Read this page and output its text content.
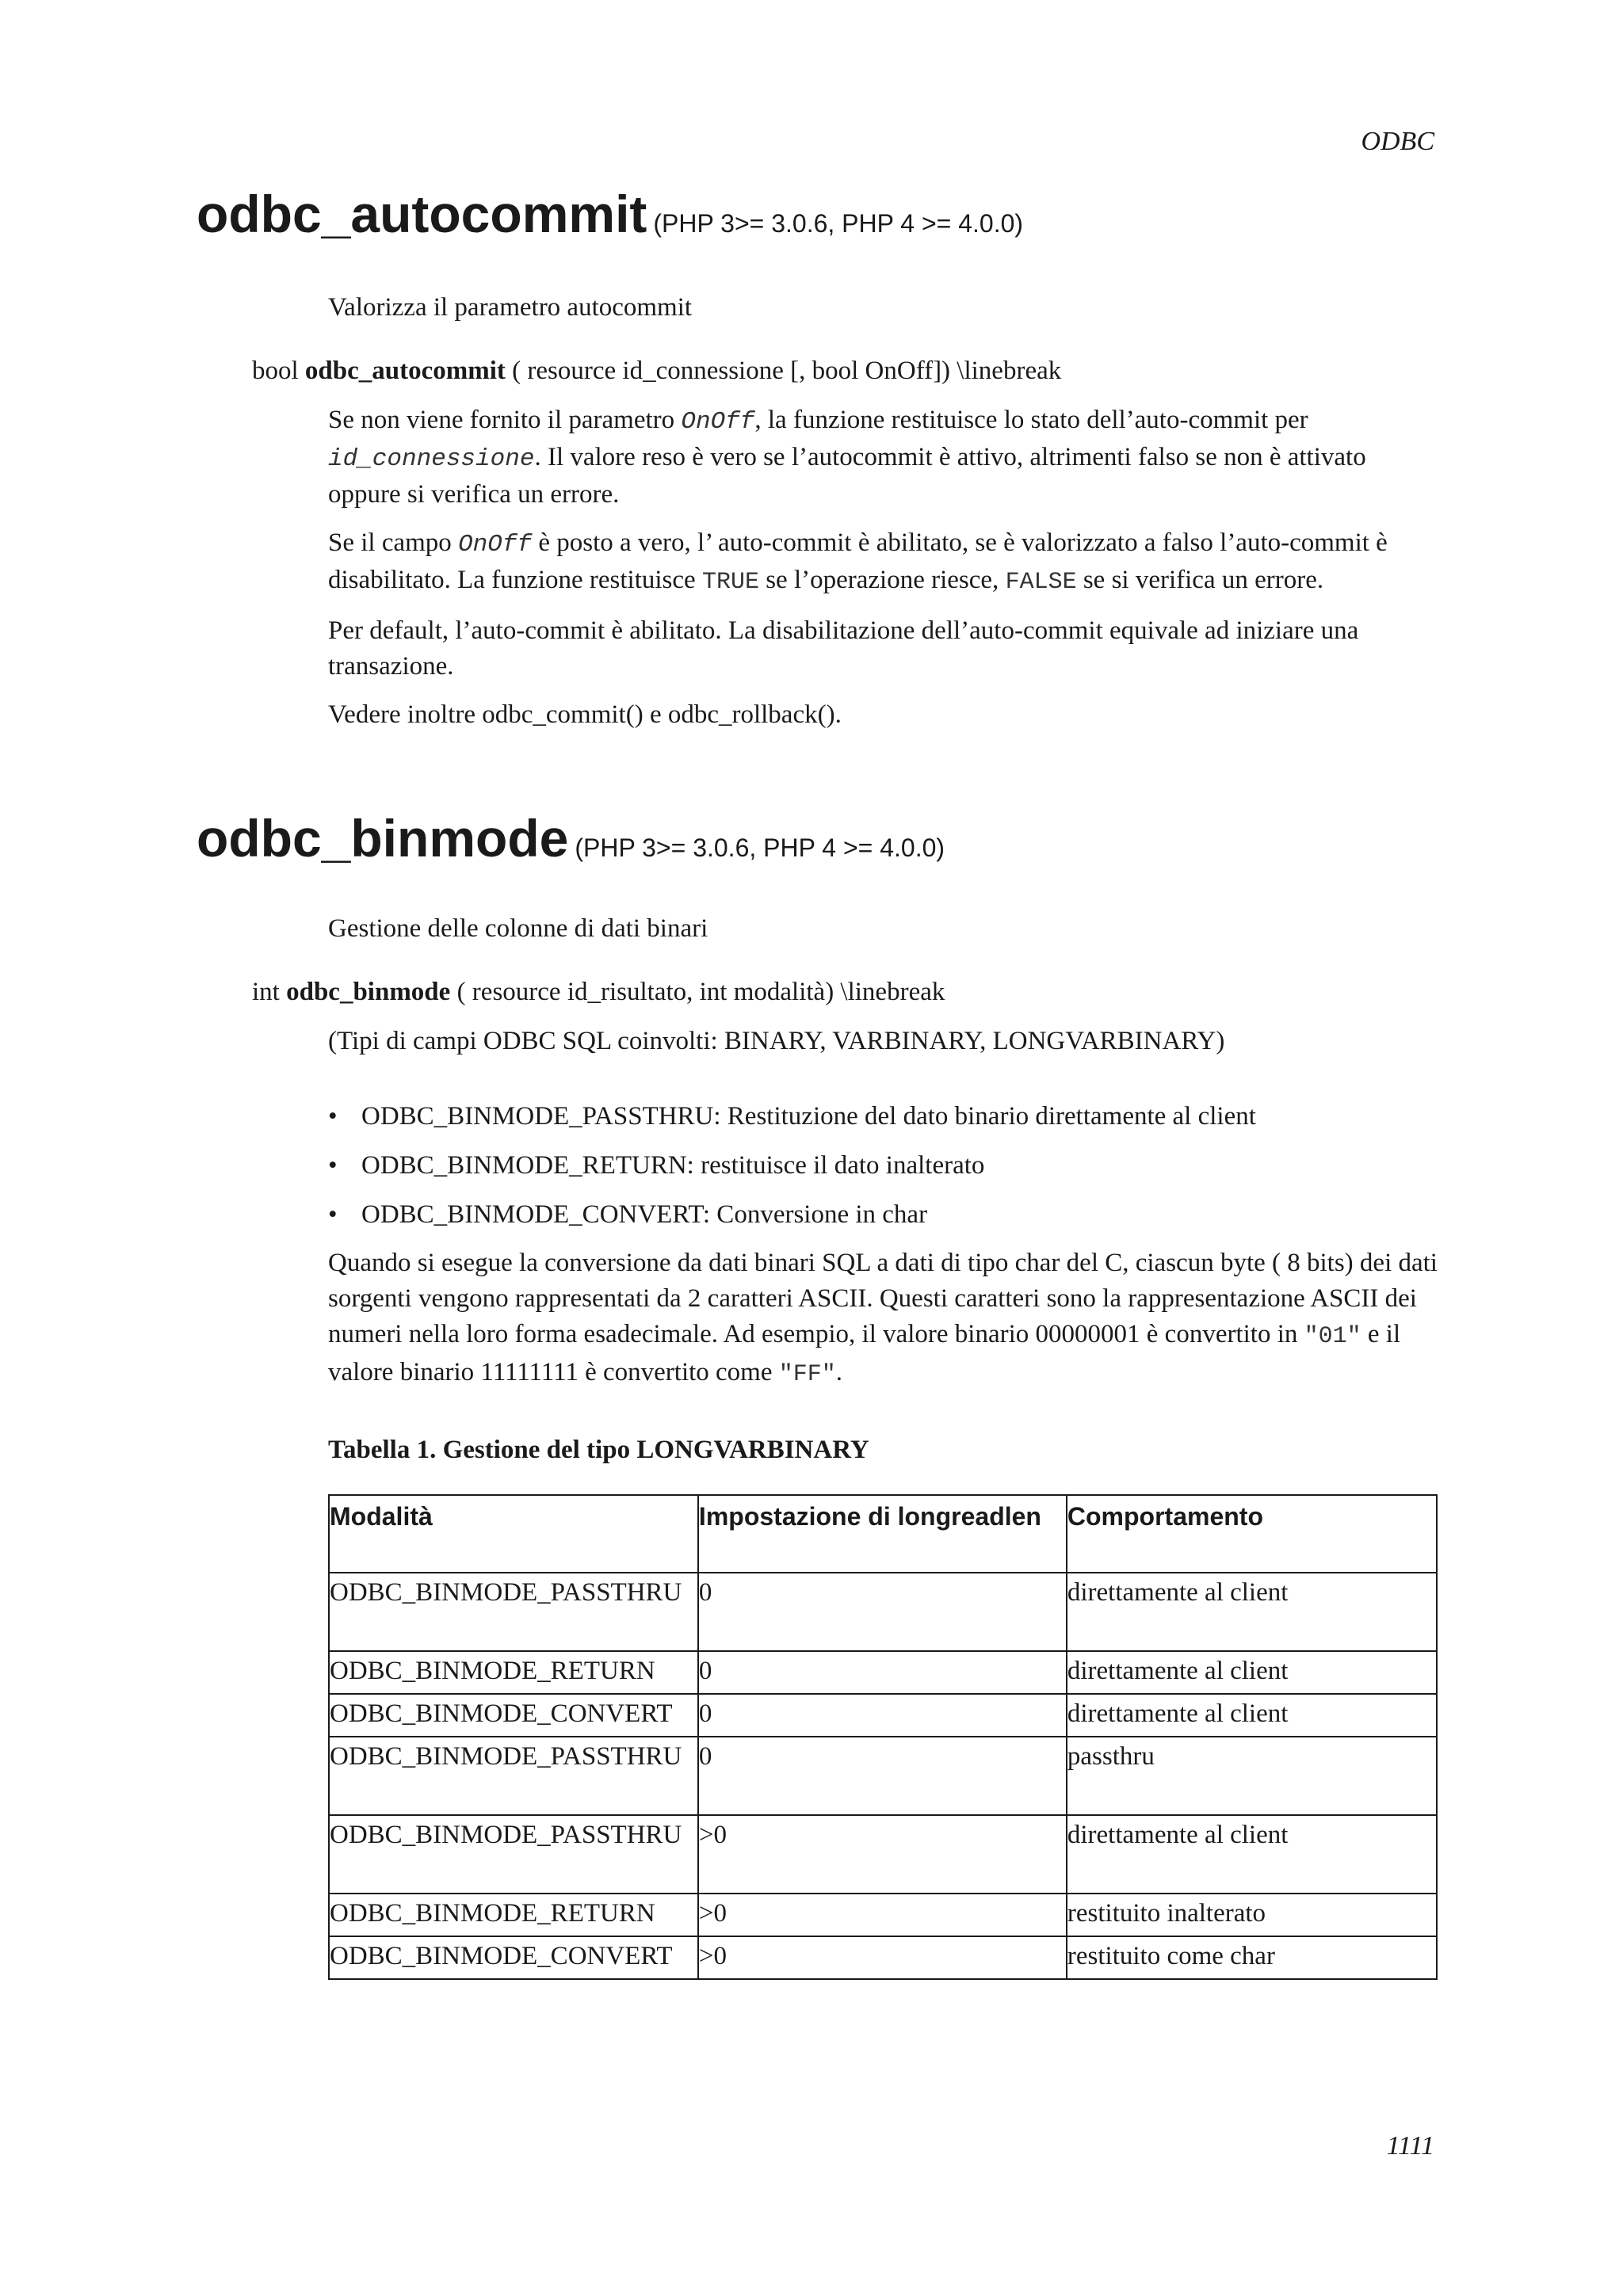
ODBC
1111
odbc_autocommit (PHP 3>= 3.0.6, PHP 4 >= 4.0.0)
Valorizza il parametro autocommit
bool odbc_autocommit ( resource id_connessione [, bool OnOff]) \linebreak

Se non viene fornito il parametro OnOff, la funzione restituisce lo stato dell’auto-commit per id_connessione. Il valore reso è vero se l’autocommit è attivo, altrimenti falso se non è attivato oppure si verifica un errore.

Se il campo OnOff è posto a vero, l’ auto-commit è abilitato, se è valorizzato a falso l’auto-commit è disabilitato. La funzione restituisce TRUE se l’operazione riesce, FALSE se si verifica un errore.

Per default, l’auto-commit è abilitato. La disabilitazione dell’auto-commit equivale ad iniziare una transazione.

Vedere inoltre odbc_commit() e odbc_rollback().

odbc_binmode (PHP 3>= 3.0.6, PHP 4 >= 4.0.0)
Gestione delle colonne di dati binari
int odbc_binmode ( resource id_risultato, int modalità) \linebreak
(Tipi di campi ODBC SQL coinvolti: BINARY, VARBINARY, LONGVARBINARY)
• ODBC_BINMODE_PASSTHRU: Restituzione del dato binario direttamente al client
• ODBC_BINMODE_RETURN: restituisce il dato inalterato
• ODBC_BINMODE_CONVERT: Conversione in char

Quando si esegue la conversione da dati binari SQL a dati di tipo char del C, ciascun byte ( 8 bits) dei dati sorgenti vengono rappresentati da 2 caratteri ASCII. Questi caratteri sono la rappresentazione ASCII dei numeri nella loro forma esadecimale. Ad esempio, il valore binario 00000001 è convertito in "01" e il valore binario 11111111 è convertito come "FF".

Tabella 1. Gestione del tipo LONGVARBINARY
Modalità	Impostazione di longreadlen	Comportamento
ODBC_BINMODE_PASSTHRU	0	direttamente al client
ODBC_BINMODE_RETURN	0	direttamente al client
ODBC_BINMODE_CONVERT	0	direttamente al client
ODBC_BINMODE_PASSTHRU	0	passthru
ODBC_BINMODE_PASSTHRU	>0	direttamente al client
ODBC_BINMODE_RETURN	>0	restituito inalterato
ODBC_BINMODE_CONVERT	>0	restituito come char
